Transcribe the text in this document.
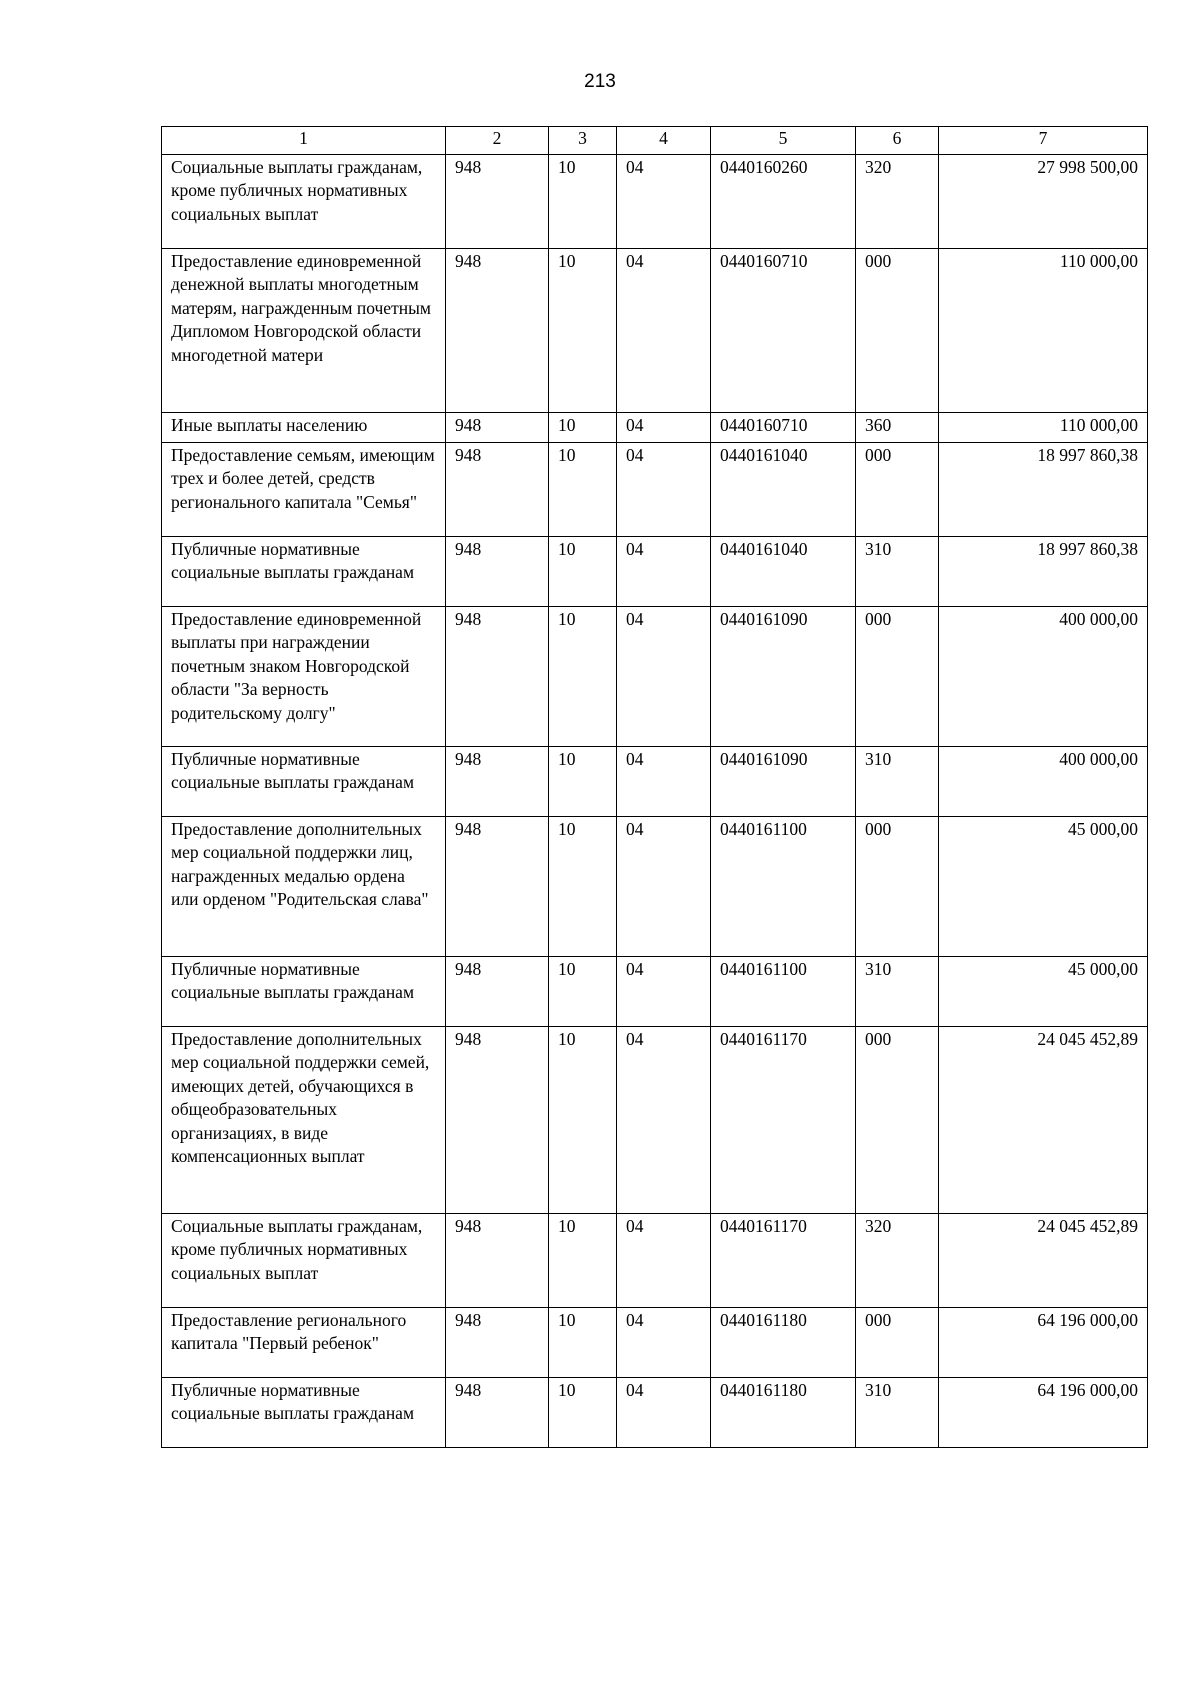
213
1	2	3	4	5	6	7
Социальные выплаты гражданам, кроме публичных нормативных социальных выплат	948	10	04	0440160260	320	27 998 500,00
Предоставление единовременной денежной выплаты многодетным матерям, награжденным почетным Дипломом Новгородской области многодетной матери	948	10	04	0440160710	000	110 000,00
Иные выплаты населению	948	10	04	0440160710	360	110 000,00
Предоставление семьям, имеющим трех и более детей, средств регионального капитала "Семья"	948	10	04	0440161040	000	18 997 860,38
Публичные нормативные социальные выплаты гражданам	948	10	04	0440161040	310	18 997 860,38
Предоставление единовременной выплаты при награждении почетным знаком Новгородской области "За верность родительскому долгу"	948	10	04	0440161090	000	400 000,00
Публичные нормативные социальные выплаты гражданам	948	10	04	0440161090	310	400 000,00
Предоставление дополнительных мер социальной поддержки лиц, награжденных медалью ордена или орденом "Родительская слава"	948	10	04	0440161100	000	45 000,00
Публичные нормативные социальные выплаты гражданам	948	10	04	0440161100	310	45 000,00
Предоставление дополнительных мер социальной поддержки семей, имеющих детей, обучающихся в общеобразовательных организациях, в виде компенсационных выплат	948	10	04	0440161170	000	24 045 452,89
Социальные выплаты гражданам, кроме публичных нормативных социальных выплат	948	10	04	0440161170	320	24 045 452,89
Предоставление регионального капитала "Первый ребенок"	948	10	04	0440161180	000	64 196 000,00
Публичные нормативные социальные выплаты гражданам	948	10	04	0440161180	310	64 196 000,00
